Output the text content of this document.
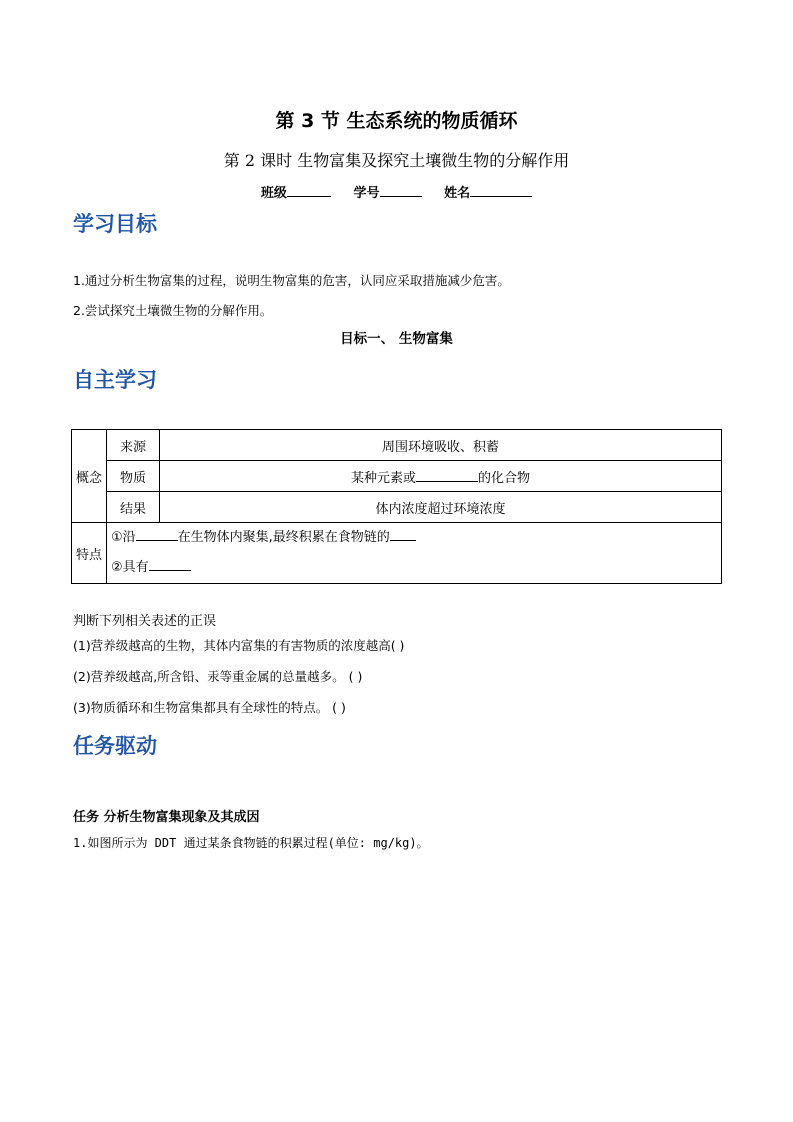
第 3 节 生态系统的物质循环
第 2 课时 生物富集及探究土壤微生物的分解作用
班级	学号	姓名
学习目标
1.通过分析生物富集的过程，说明生物富集的危害，认同应采取措施减少危害。
2.尝试探究土壤微生物的分解作用。
目标一、 生物富集
自主学习
概念	来源	周围环境吸收、积蓄
	物质	某种元素或 的化合物
	结果	体内浓度超过环境浓度
特点	①沿 在生物体内聚集,最终积累在食物链的
②具有	
判断下列相关表述的正误
(1)营养级越高的生物，其体内富集的有害物质的浓度越高( )
(2)营养级越高,所含铅、汞等重金属的总量越多。 ( )
(3)物质循环和生物富集都具有全球性的特点。 ( )
任务驱动
任务 分析生物富集现象及其成因
1.如图所示为 DDT 通过某条食物链的积累过程(单位: mg/kg)。
